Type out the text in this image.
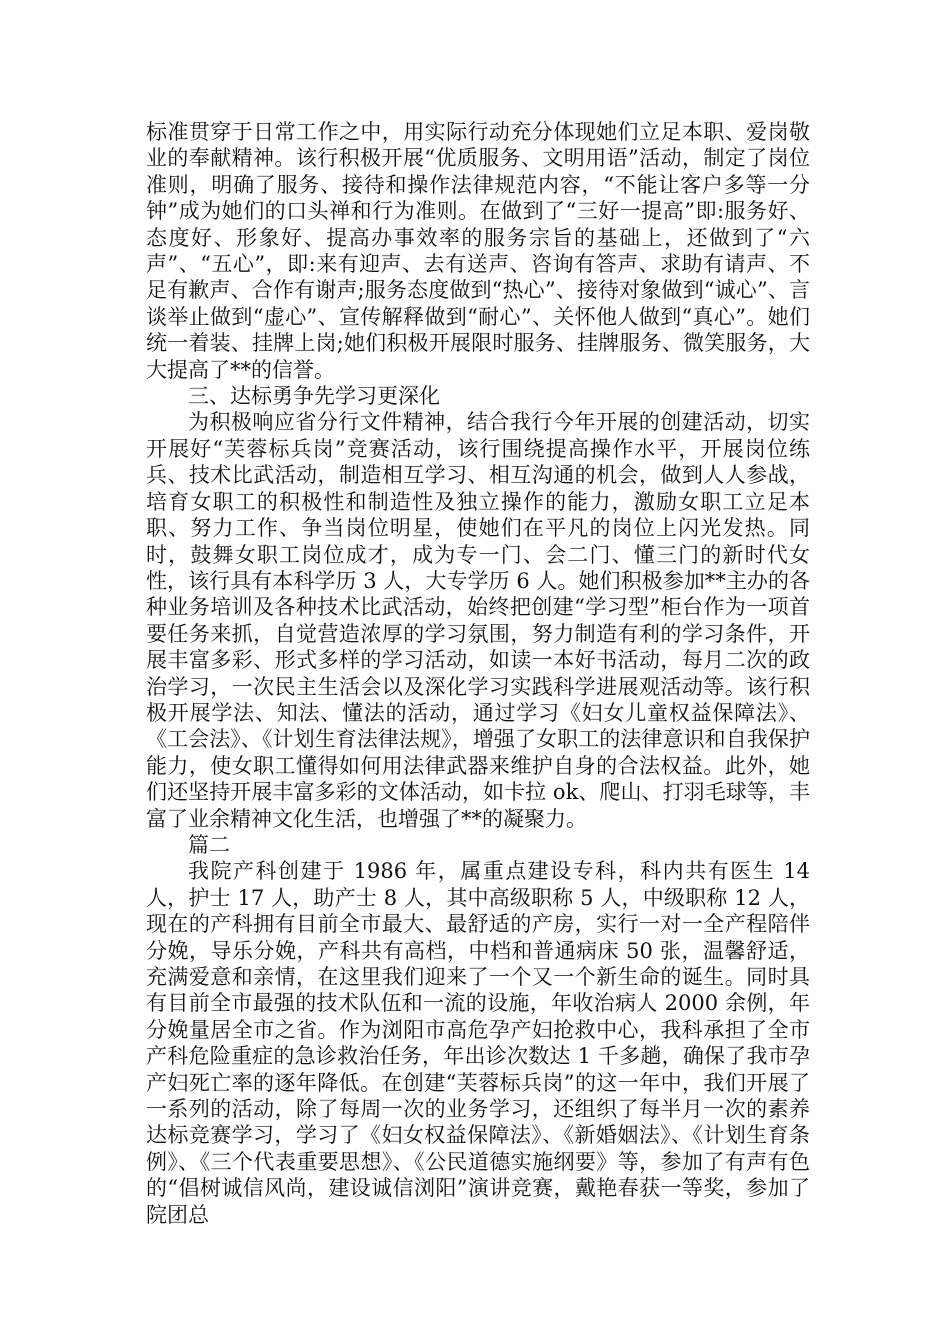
标准贯穿于日常工作之中，用实际行动充分体现她们立足本职、爱岗敬业的奉献精神。该行积极开展“优质服务、文明用语”活动，制定了岗位准则，明确了服务、接待和操作法律规范内容，“不能让客户多等一分钟”成为她们的口头禅和行为准则。在做到了“三好一提高”即:服务好、态度好、形象好、提高办事效率的服务宗旨的基础上，还做到了“六声”、“五心”，即:来有迎声、去有送声、咨询有答声、求助有请声、不足有歉声、合作有谢声;服务态度做到“热心”、接待对象做到“诚心”、言谈举止做到“虚心”、宣传解释做到“耐心”、关怀他人做到“真心”。她们统一着装、挂牌上岗;她们积极开展限时服务、挂牌服务、微笑服务，大大提高了**的信誉。

三、达标勇争先学习更深化

为积极响应省分行文件精神，结合我行今年开展的创建活动，切实开展好“芙蓉标兵岗”竞赛活动，该行围绕提高操作水平，开展岗位练兵、技术比武活动，制造相互学习、相互沟通的机会，做到人人参战，培育女职工的积极性和制造性及独立操作的能力，激励女职工立足本职、努力工作、争当岗位明星，使她们在平凡的岗位上闪光发热。同时，鼓舞女职工岗位成才，成为专一门、会二门、懂三门的新时代女性，该行具有本科学历 3 人，大专学历 6 人。她们积极参加**主办的各种业务培训及各种技术比武活动，始终把创建“学习型”柜台作为一项首要任务来抓，自觉营造浓厚的学习氛围，努力制造有利的学习条件，开展丰富多彩、形式多样的学习活动，如读一本好书活动，每月二次的政治学习，一次民主生活会以及深化学习实践科学进展观活动等。该行积极开展学法、知法、懂法的活动，通过学习《妇女儿童权益保障法》、《工会法》、《计划生育法律法规》，增强了女职工的法律意识和自我保护能力，使女职工懂得如何用法律武器来维护自身的合法权益。此外，她们还坚持开展丰富多彩的文体活动，如卡拉 ok、爬山、打羽毛球等，丰富了业余精神文化生活，也增强了**的凝聚力。

篇二

我院产科创建于 1986 年，属重点建设专科，科内共有医生 14 人，护士 17 人，助产士 8 人，其中高级职称 5 人，中级职称 12 人，现在的产科拥有目前全市最大、最舒适的产房，实行一对一全产程陪伴分娩，导乐分娩，产科共有高档，中档和普通病床 50 张，温馨舒适，充满爱意和亲情，在这里我们迎来了一个又一个新生命的诞生。同时具有目前全市最强的技术队伍和一流的设施，年收治病人 2000 余例，年分娩量居全市之省。作为浏阳市高危孕产妇抢救中心，我科承担了全市产科危险重症的急诊救治任务，年出诊次数达 1 千多趟，确保了我市孕产妇死亡率的逐年降低。在创建“芙蓉标兵岗”的这一年中，我们开展了一系列的活动，除了每周一次的业务学习，还组织了每半月一次的素养达标竞赛学习，学习了《妇女权益保障法》、《新婚姻法》、《计划生育条例》、《三个代表重要思想》、《公民道德实施纲要》等，参加了有声有色的“倡树诚信风尚，建设诚信浏阳”演讲竞赛，戴艳春获一等奖，参加了院团总
